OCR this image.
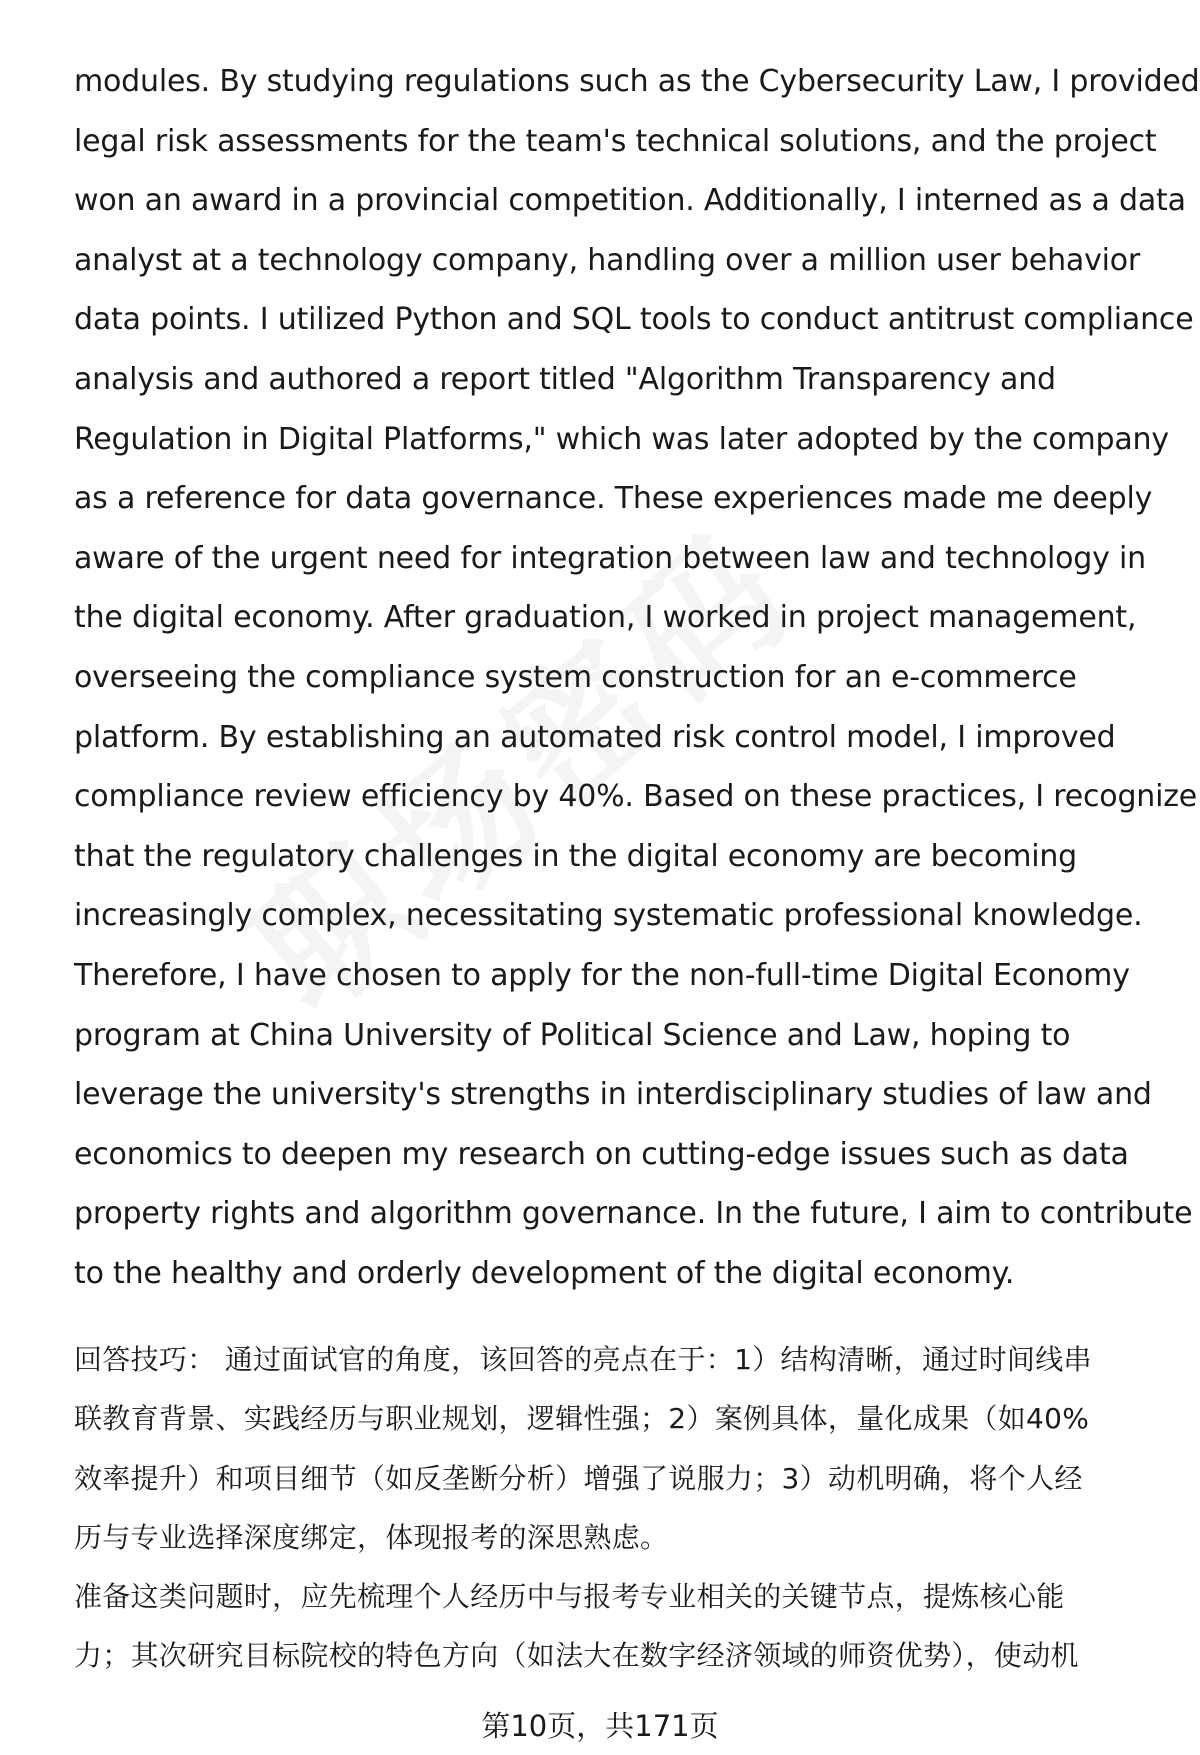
modules. By studying regulations such as the Cybersecurity Law, I provided
legal risk assessments for the team's technical solutions, and the project
won an award in a provincial competition. Additionally, I interned as a data
analyst at a technology company, handling over a million user behavior
data points. I utilized Python and SQL tools to conduct antitrust compliance
analysis and authored a report titled "Algorithm Transparency and
Regulation in Digital Platforms," which was later adopted by the company
as a reference for data governance. These experiences made me deeply
aware of the urgent need for integration between law and technology in
the digital economy. After graduation, I worked in project management,
overseeing the compliance system construction for an e-commerce
platform. By establishing an automated risk control model, I improved
compliance review efficiency by 40%. Based on these practices, I recognize
that the regulatory challenges in the digital economy are becoming
increasingly complex, necessitating systematic professional knowledge.
Therefore, I have chosen to apply for the non-full-time Digital Economy
program at China University of Political Science and Law, hoping to
leverage the university's strengths in interdisciplinary studies of law and
economics to deepen my research on cutting-edge issues such as data
property rights and algorithm governance. In the future, I aim to contribute
to the healthy and orderly development of the digital economy.
回答技巧： 通过面试官的角度，该回答的亮点在于：1）结构清晰，通过时间线串
联教育背景、实践经历与职业规划，逻辑性强；2）案例具体，量化成果（如40%
效率提升）和项目细节（如反垄断分析）增强了说服力；3）动机明确，将个人经
历与专业选择深度绑定，体现报考的深思熟虑。
准备这类问题时，应先梳理个人经历中与报考专业相关的关键节点，提炼核心能
力；其次研究目标院校的特色方向（如法大在数字经济领域的师资优势），使动机
第10页，共171页
